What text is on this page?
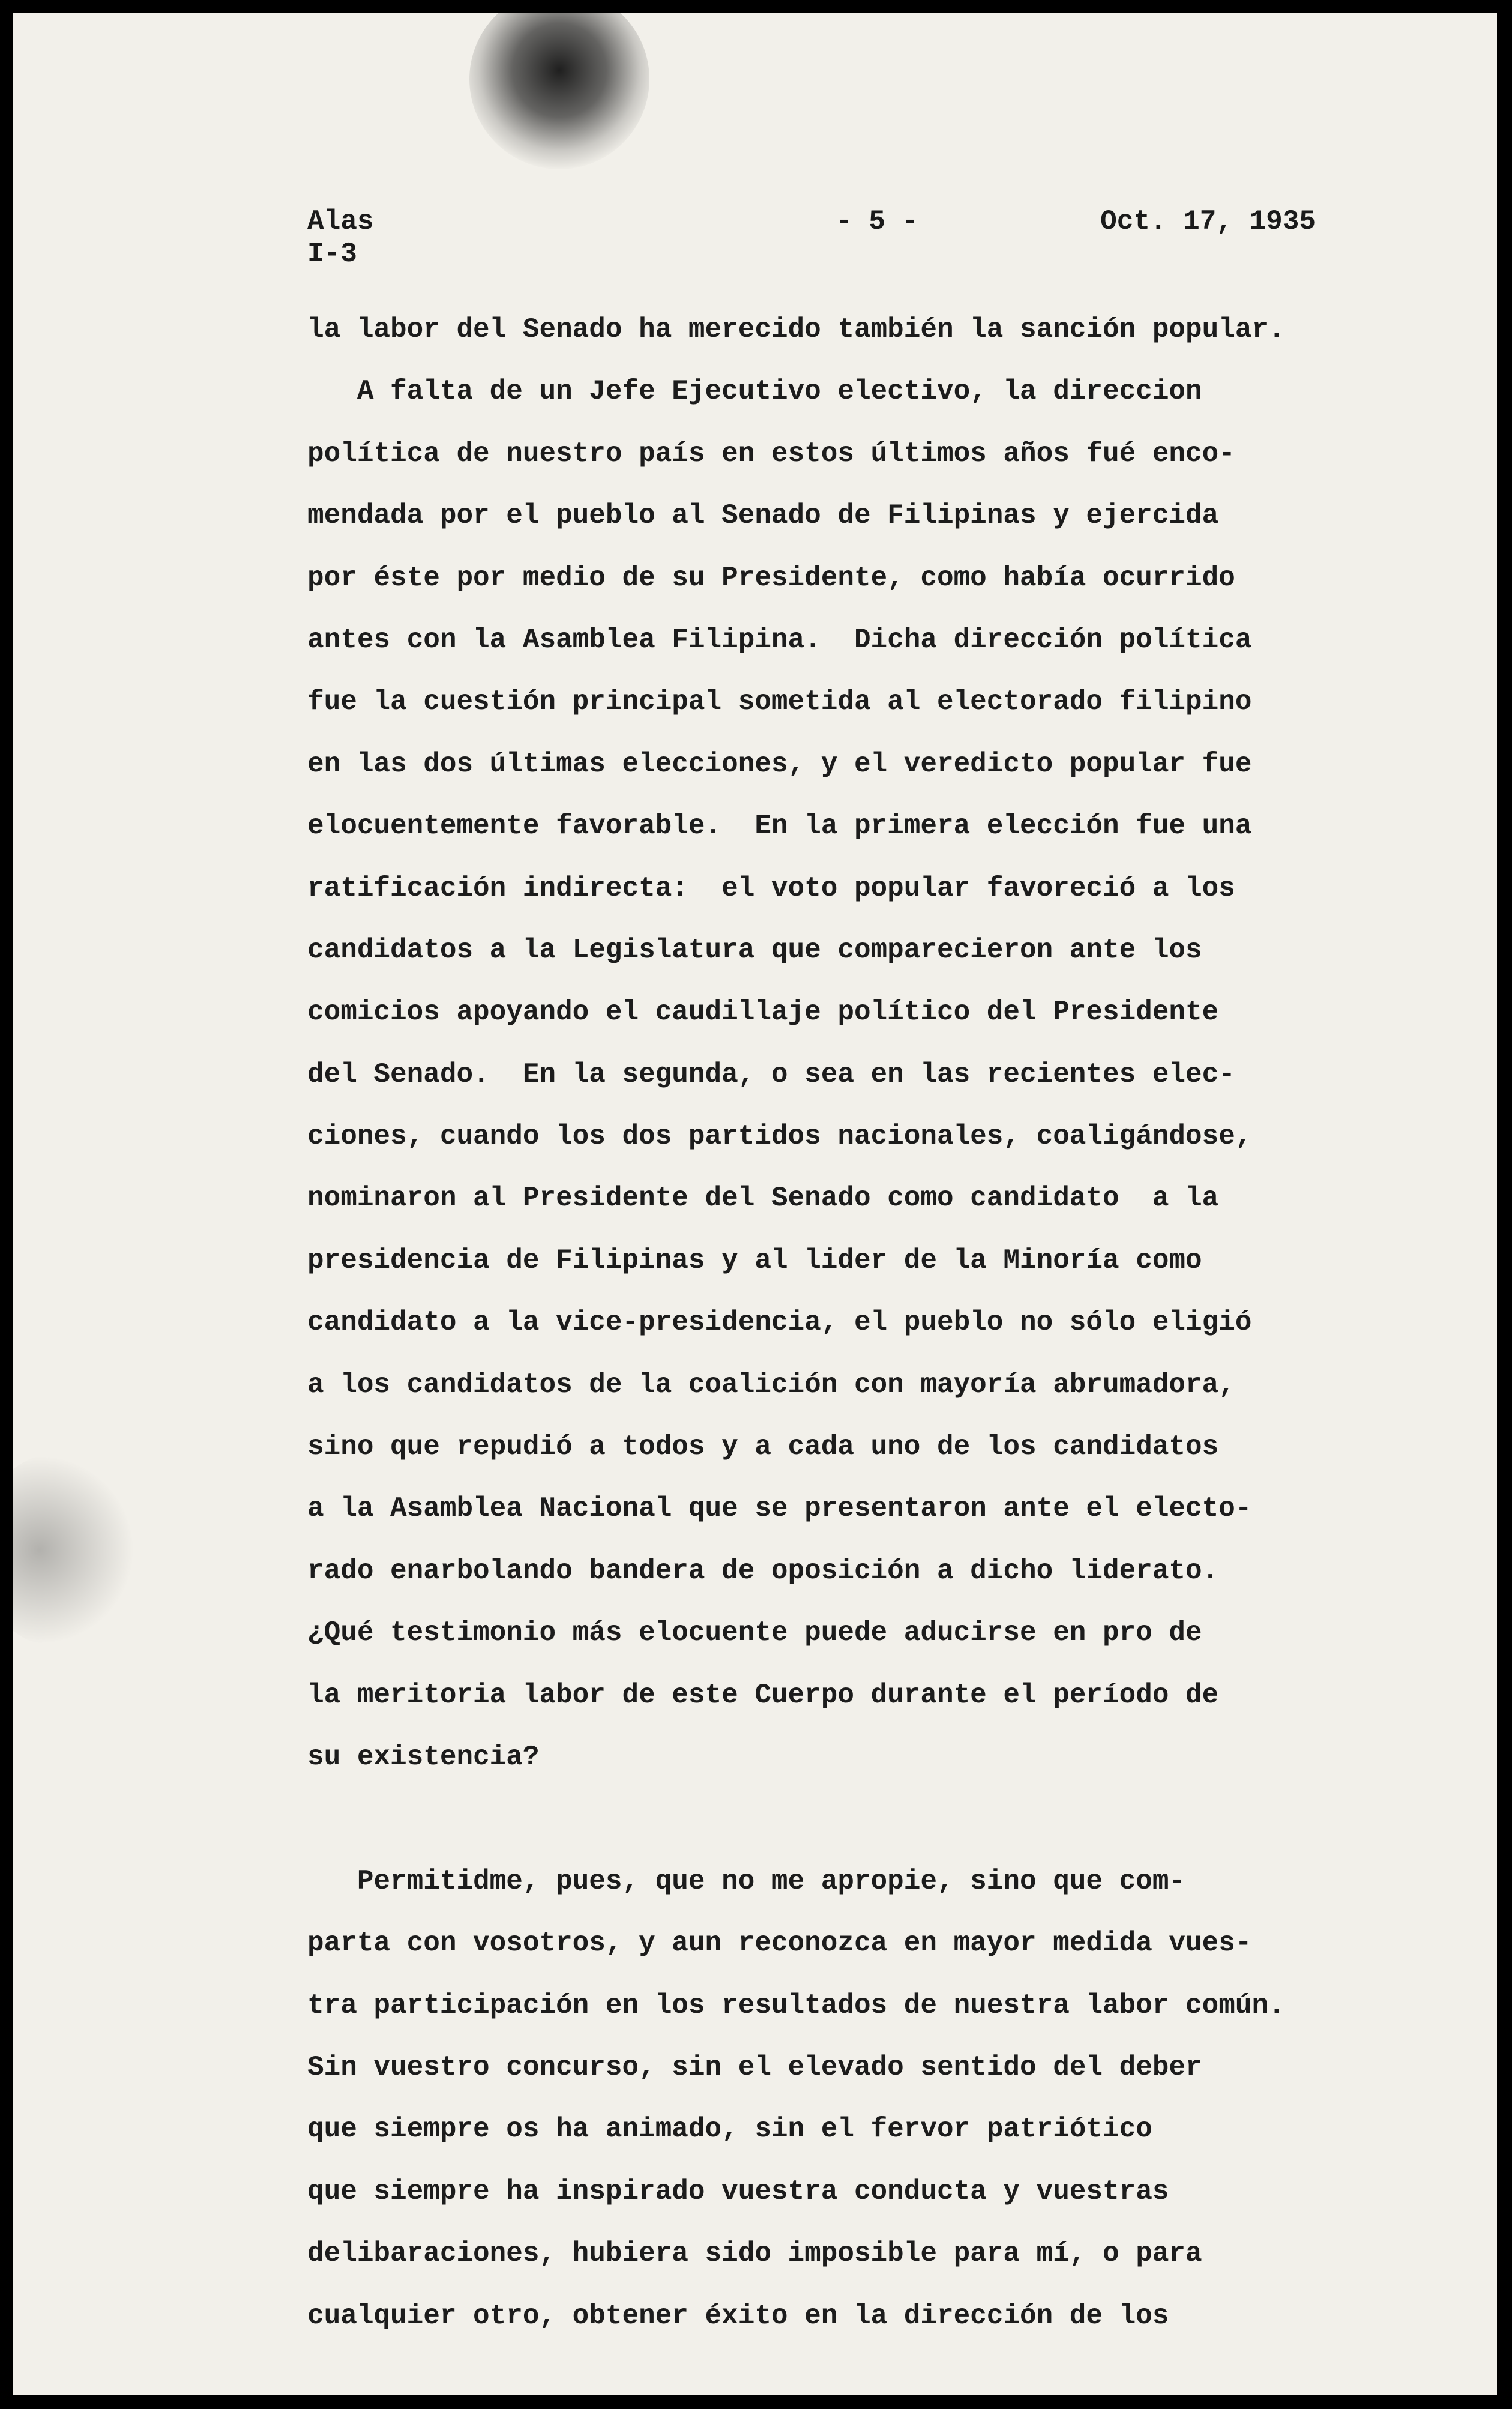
Alas
I-3
- 5 -	Oct. 17, 1935
la labor del Senado ha merecido también la sanción popular.
A falta de un Jefe Ejecutivo electivo, la direccion
política de nuestro país en estos últimos años fué enco-
mendada por el pueblo al Senado de Filipinas y ejercida
por éste por medio de su Presidente, como había ocurrido
antes con la Asamblea Filipina.  Dicha dirección política
fue la cuestión principal sometida al electorado filipino
en las dos últimas elecciones, y el veredicto popular fue
elocuentemente favorable.  En la primera elección fue una
ratificación indirecta:  el voto popular favoreció a los
candidatos a la Legislatura que comparecieron ante los
comicios apoyando el caudillaje político del Presidente
del Senado.  En la segunda, o sea en las recientes elec-
ciones, cuando los dos partidos nacionales, coaligándose,
nominaron al Presidente del Senado como candidato  a la
presidencia de Filipinas y al lider de la Minoría como
candidato a la vice-presidencia, el pueblo no sólo eligió
a los candidatos de la coalición con mayoría abrumadora,
sino que repudió a todos y a cada uno de los candidatos
a la Asamblea Nacional que se presentaron ante el electo-
rado enarbolando bandera de oposición a dicho liderato.
¿Qué testimonio más elocuente puede aducirse en pro de
la meritoria labor de este Cuerpo durante el período de
su existencia?
Permitidme, pues, que no me apropie, sino que com-
parta con vosotros, y aun reconozca en mayor medida vues-
tra participación en los resultados de nuestra labor común.
Sin vuestro concurso, sin el elevado sentido del deber
que siempre os ha animado, sin el fervor patriótico
que siempre ha inspirado vuestra conducta y vuestras
delibaraciones, hubiera sido imposible para mí, o para
cualquier otro, obtener éxito en la dirección de los
